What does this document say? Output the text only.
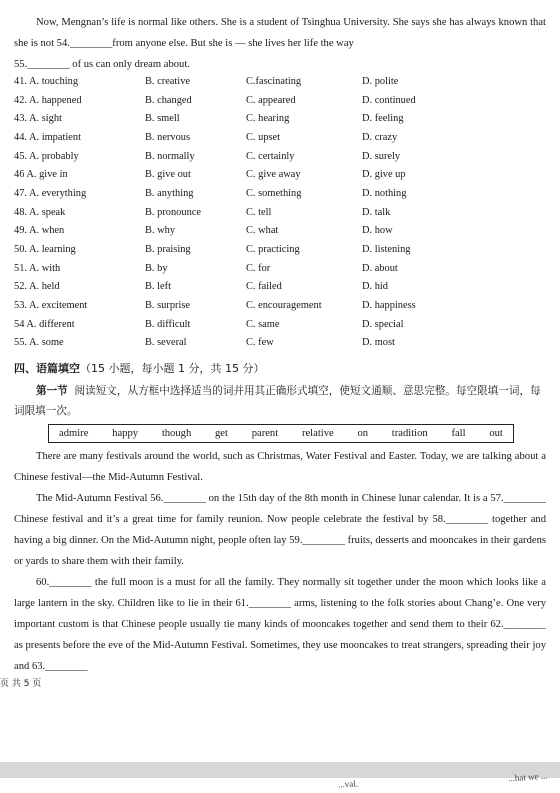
Now, Mengnan’s life is normal like others. She is a student of Tsinghua University. She says she has always known that she is not 54.________from anyone else. But she is — she lives her life the way

55.________ of us can only dream about.

41. A. touching	B. creative	C.fascinating	D. polite
42. A. happened	B. changed	C. appeared	D. continued
43. A. sight	B. smell	C. hearing	D. feeling
44. A. impatient	B. nervous	C. upset	D. crazy
45. A. probably	B. normally	C. certainly	D. surely
46 A. give in	B. give out	C. give away	D. give up
47. A. everything	B. anything	C. something	D. nothing
48. A. speak	B. pronounce	C. tell	D. talk
49. A. when	B. why	C. what	D. how
50. A. learning	B. praising	C. practicing	D. listening
51. A. with	B. by	C. for	D. about
52. A. held	B. left	C. failed	D. hid
53. A. excitement	B. surprise	C. encouragement	D. happiness
54 A. different	B. difficult	C. same	D. special
55. A. some	B. several	C. few	D. most
四、语篇填空（15 小题，每小题 1 分，共 15 分）

第一节 阅读短文，从方框中选择适当的词并用其正确形式填空，使短文通顺、意思完整。每空限填一词，每词限填一次。

admire happy though get parent relative on tradition fall out

There are many festivals around the world, such as Christmas, Water Festival and Easter. Today, we are talking about a Chinese festival—the Mid-Autumn Festival.

The Mid-Autumn Festival 56.________ on the 15th day of the 8th month in Chinese lunar calendar. It is a 57.________ Chinese festival and it’s a great time for family reunion. Now people celebrate the festival by 58.________ together and having a big dinner. On the Mid-Autumn night, people often lay 59.________ fruits, desserts and mooncakes in their gardens or yards to share them with their family.

60.________ the full moon is a must for all the family. They normally sit together under the moon which looks like a large lantern in the sky. Children like to lie in their 61.________ arms, listening to the folk stories about Chang’e. One very important custom is that Chinese people usually tie many kinds of mooncakes together and send them to their 62.________ as presents before the eve of the Mid-Autumn Festival. Sometimes, they use mooncakes to treat strangers, spreading their joy and 63.________

页 共 5 页
...val.
...hat we ...
